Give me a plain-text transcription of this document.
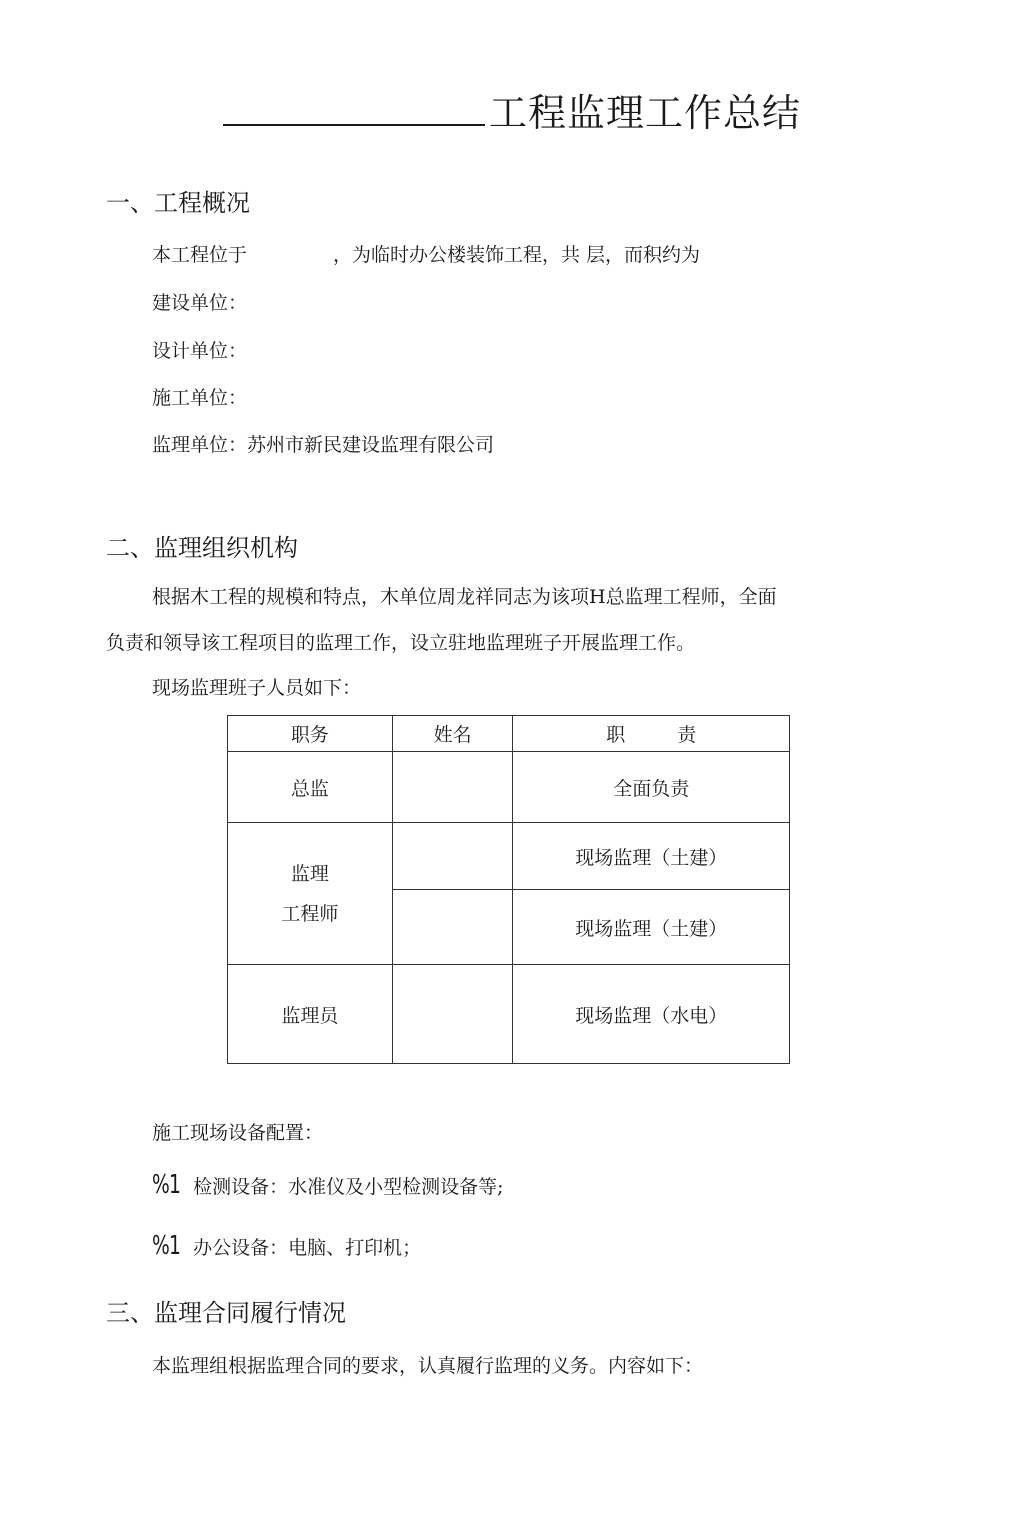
工程监理工作总结
一、工程概况
本工程位于	，为临时办公楼装饰工程，共 层，而积约为
建设单位：
设计单位：
施工单位：
监理单位：苏州市新民建设监理有限公司
二、监理组织机构
根据木工程的规模和特点，木单位周龙祥同志为该项H总监理工程师，全面
负责和领导该工程项目的监理工作，设立驻地监理班子开展监理工作。
现场监理班子人员如下：
职务	姓名	职 责
总监		全面负责

监理
工程师		现场监理（土建）
		现场监理（土建）
监理员		现场监理（水电）
施工现场设备配置：
%1 检测设备：水准仪及小型检测设备等;
%1 办公设备：电脑、打印机；
三、监理合同履行情况
本监理组根据监理合同的要求，认真履行监理的义务。内容如下：
